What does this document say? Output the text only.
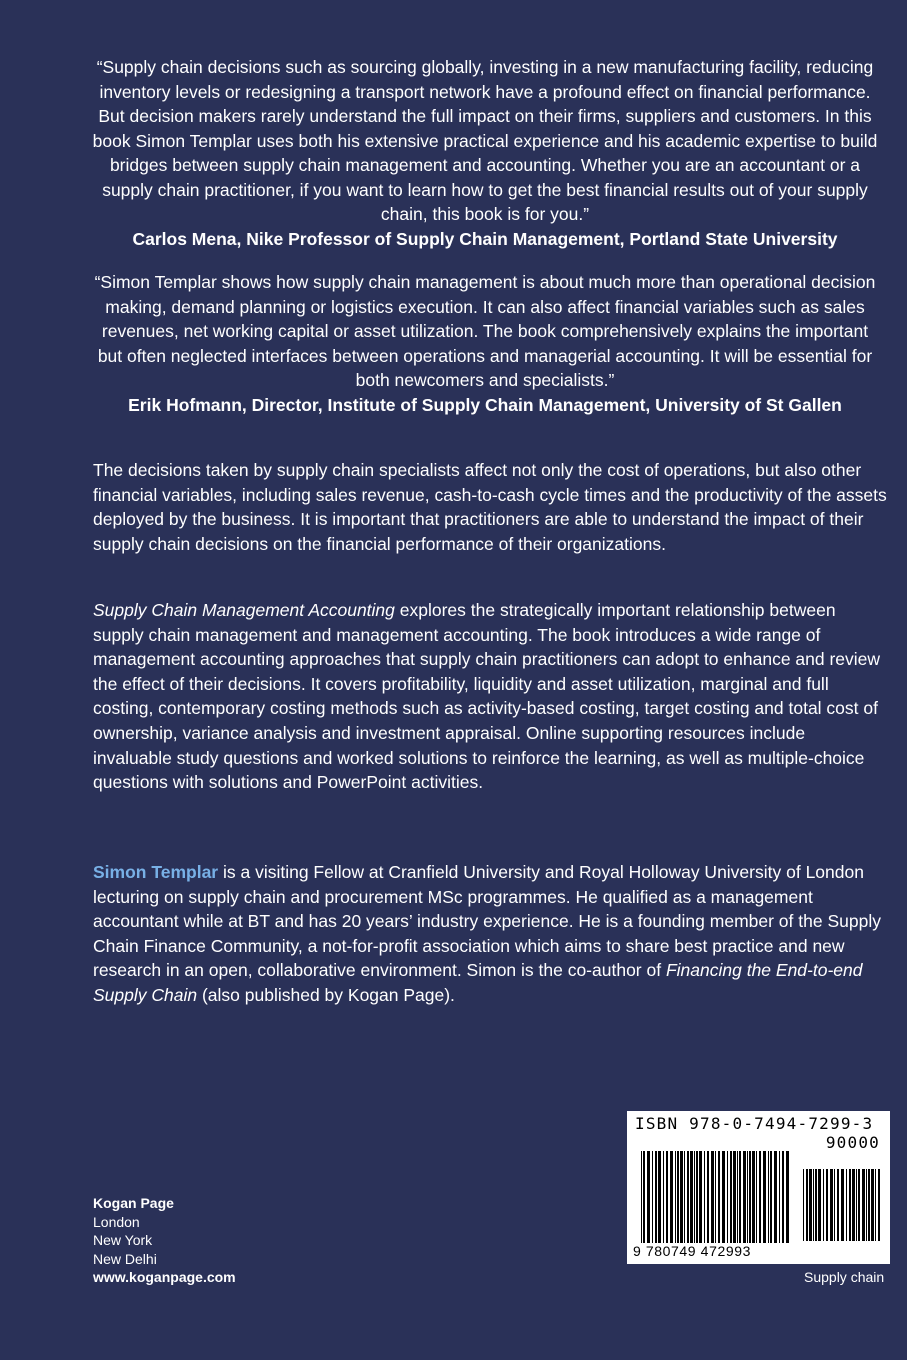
“Supply chain decisions such as sourcing globally, investing in a new manufacturing facility, reducing inventory levels or redesigning a transport network have a profound effect on financial performance. But decision makers rarely understand the full impact on their firms, suppliers and customers. In this book Simon Templar uses both his extensive practical experience and his academic expertise to build bridges between supply chain management and accounting. Whether you are an accountant or a supply chain practitioner, if you want to learn how to get the best financial results out of your supply chain, this book is for you.”
Carlos Mena, Nike Professor of Supply Chain Management, Portland State University
“Simon Templar shows how supply chain management is about much more than operational decision making, demand planning or logistics execution. It can also affect financial variables such as sales revenues, net working capital or asset utilization. The book comprehensively explains the important but often neglected interfaces between operations and managerial accounting. It will be essential for both newcomers and specialists.”
Erik Hofmann, Director, Institute of Supply Chain Management, University of St Gallen
The decisions taken by supply chain specialists affect not only the cost of operations, but also other financial variables, including sales revenue, cash-to-cash cycle times and the productivity of the assets deployed by the business. It is important that practitioners are able to understand the impact of their supply chain decisions on the financial performance of their organizations.
Supply Chain Management Accounting explores the strategically important relationship between supply chain management and management accounting. The book introduces a wide range of management accounting approaches that supply chain practitioners can adopt to enhance and review the effect of their decisions. It covers profitability, liquidity and asset utilization, marginal and full costing, contemporary costing methods such as activity-based costing, target costing and total cost of ownership, variance analysis and investment appraisal. Online supporting resources include invaluable study questions and worked solutions to reinforce the learning, as well as multiple-choice questions with solutions and PowerPoint activities.
Simon Templar is a visiting Fellow at Cranfield University and Royal Holloway University of London lecturing on supply chain and procurement MSc programmes. He qualified as a management accountant while at BT and has 20 years’ industry experience. He is a founding member of the Supply Chain Finance Community, a not-for-profit association which aims to share best practice and new research in an open, collaborative environment. Simon is the co-author of Financing the End-to-end Supply Chain (also published by Kogan Page).
Kogan Page
London
New York
New Delhi
www.koganpage.com
ISBN 978-0-7494-7299-3
90000
9 780749 472993
Supply chain
